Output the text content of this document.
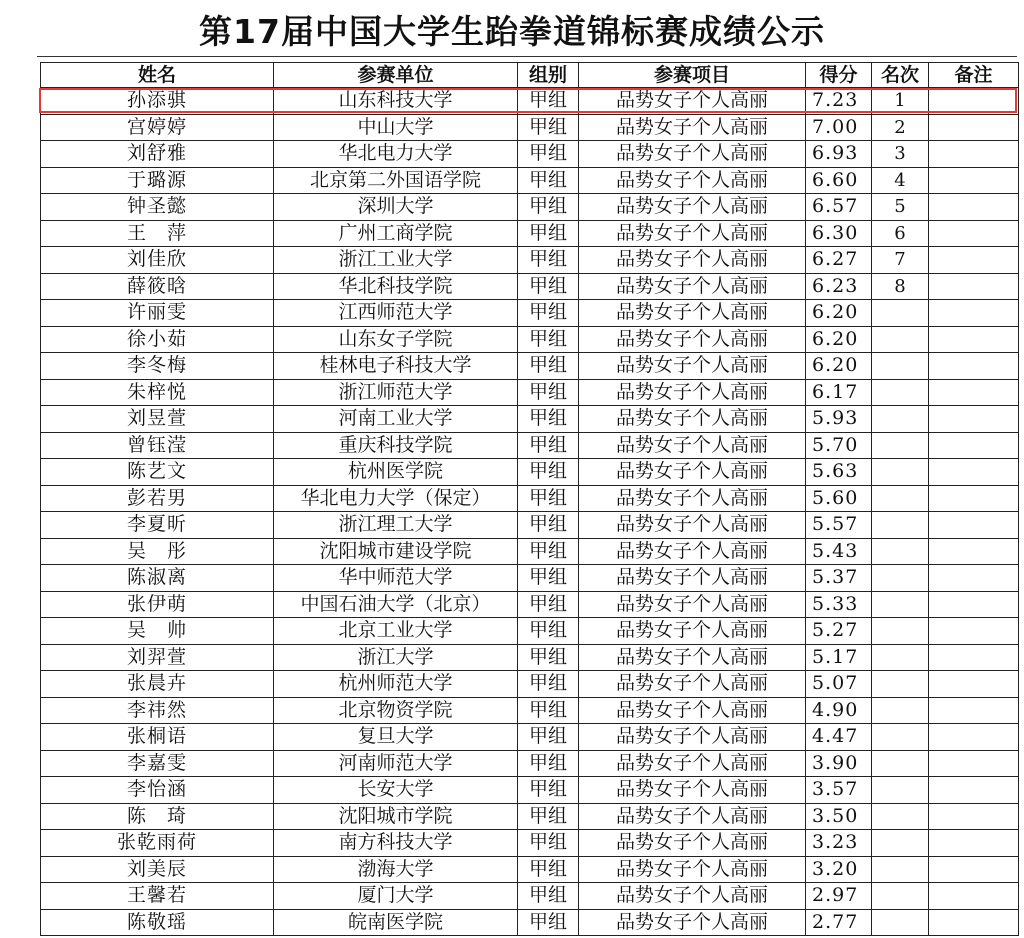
第17届中国大学生跆拳道锦标赛成绩公示
姓名	参赛单位	组别	参赛项目	得分	名次	备注
孙添骐	山东科技大学	甲组	品势女子个人高丽	7.23	1	
宫婷婷	中山大学	甲组	品势女子个人高丽	7.00	2	
刘舒雅	华北电力大学	甲组	品势女子个人高丽	6.93	3	
于璐源	北京第二外国语学院	甲组	品势女子个人高丽	6.60	4	
钟圣懿	深圳大学	甲组	品势女子个人高丽	6.57	5	
王　萍	广州工商学院	甲组	品势女子个人高丽	6.30	6	
刘佳欣	浙江工业大学	甲组	品势女子个人高丽	6.27	7	
薛筱晗	华北科技学院	甲组	品势女子个人高丽	6.23	8	
许丽雯	江西师范大学	甲组	品势女子个人高丽	6.20		
徐小茹	山东女子学院	甲组	品势女子个人高丽	6.20		
李冬梅	桂林电子科技大学	甲组	品势女子个人高丽	6.20		
朱梓悦	浙江师范大学	甲组	品势女子个人高丽	6.17		
刘昱萱	河南工业大学	甲组	品势女子个人高丽	5.93		
曾钰滢	重庆科技学院	甲组	品势女子个人高丽	5.70		
陈艺文	杭州医学院	甲组	品势女子个人高丽	5.63		
彭若男	华北电力大学（保定）	甲组	品势女子个人高丽	5.60		
李夏昕	浙江理工大学	甲组	品势女子个人高丽	5.57		
吴　彤	沈阳城市建设学院	甲组	品势女子个人高丽	5.43		
陈淑离	华中师范大学	甲组	品势女子个人高丽	5.37		
张伊萌	中国石油大学（北京）	甲组	品势女子个人高丽	5.33		
吴　帅	北京工业大学	甲组	品势女子个人高丽	5.27		
刘羿萱	浙江大学	甲组	品势女子个人高丽	5.17		
张晨卉	杭州师范大学	甲组	品势女子个人高丽	5.07		
李祎然	北京物资学院	甲组	品势女子个人高丽	4.90		
张桐语	复旦大学	甲组	品势女子个人高丽	4.47		
李嘉雯	河南师范大学	甲组	品势女子个人高丽	3.90		
李怡涵	长安大学	甲组	品势女子个人高丽	3.57		
陈　琦	沈阳城市学院	甲组	品势女子个人高丽	3.50		
张乾雨荷	南方科技大学	甲组	品势女子个人高丽	3.23		
刘美辰	渤海大学	甲组	品势女子个人高丽	3.20		
王馨若	厦门大学	甲组	品势女子个人高丽	2.97		
陈敬瑶	皖南医学院	甲组	品势女子个人高丽	2.77		
